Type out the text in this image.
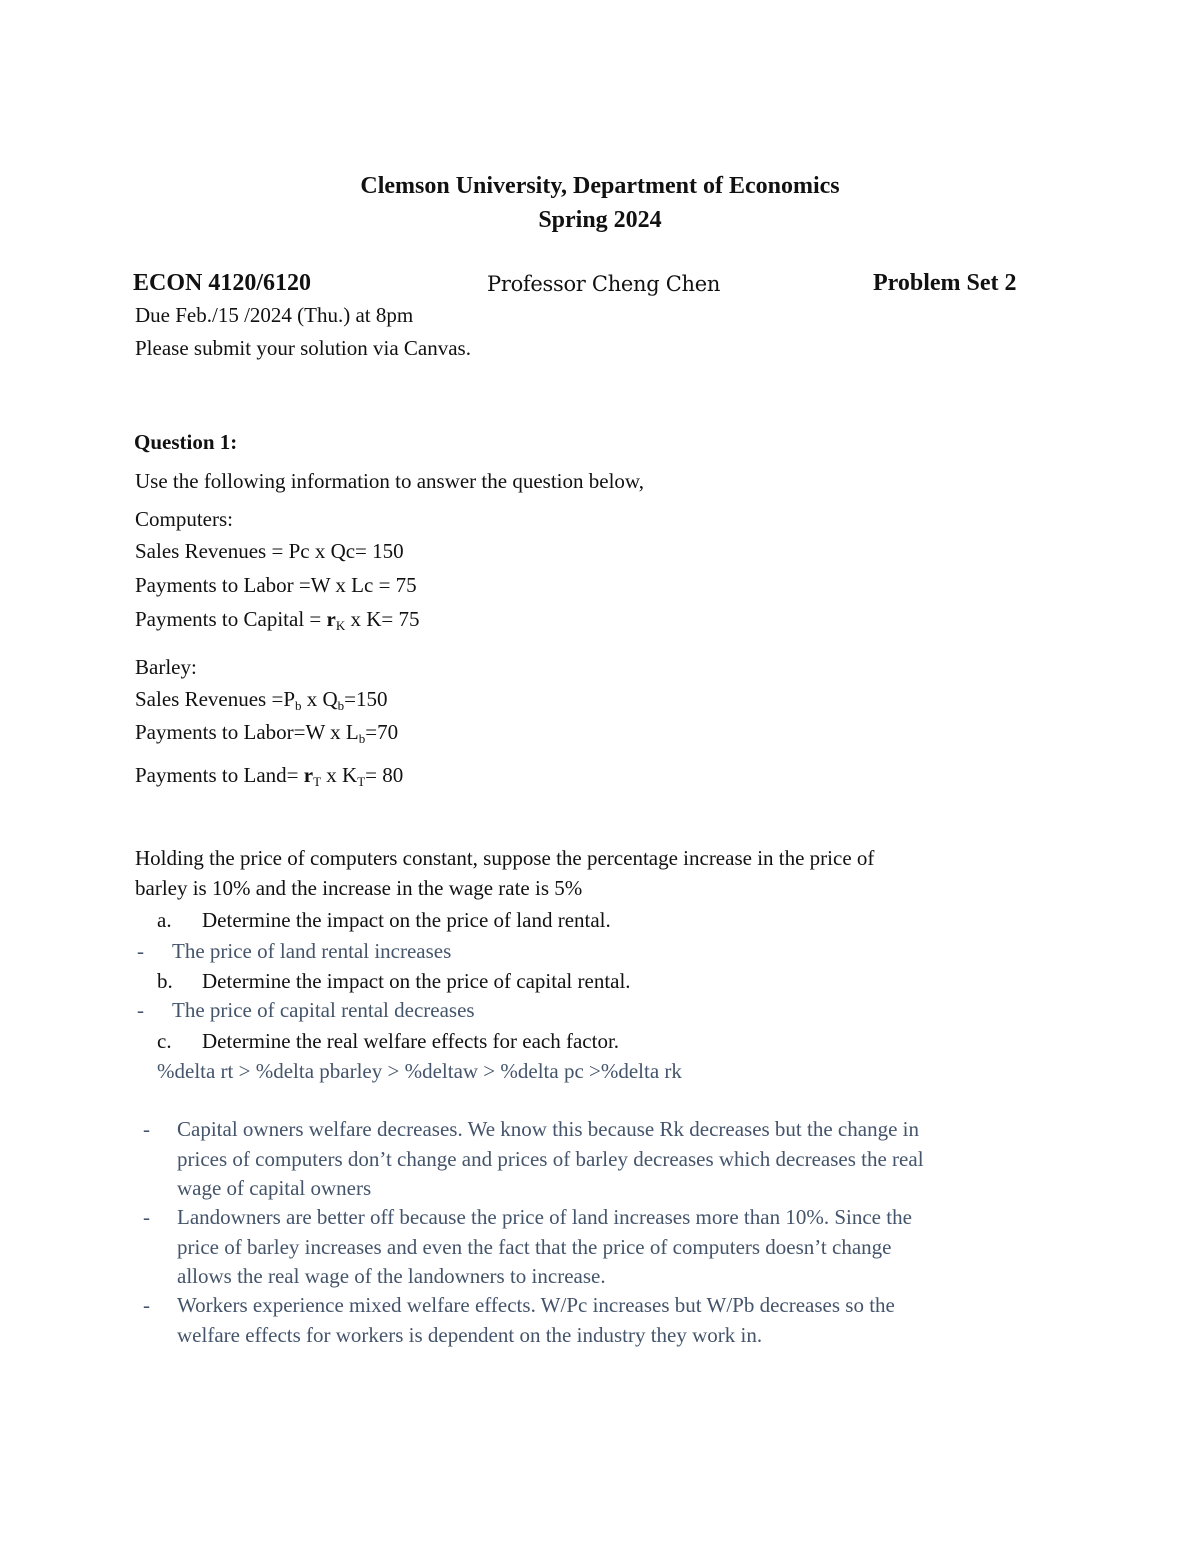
Clemson University, Department of Economics
Spring 2024
ECON 4120/6120	Professor Cheng Chen	Problem Set 2
Due Feb./15 /2024 (Thu.) at 8pm
Please submit your solution via Canvas.
Question 1:
Use the following information to answer the question below,
Computers:
Sales Revenues = Pc x Qc= 150
Payments to Labor =W x Lc = 75
Payments to Capital = rK x K= 75
Barley:
Sales Revenues =Pb x Qb=150
Payments to Labor=W x Lb=70
Payments to Land= rT x KT= 80
Holding the price of computers constant, suppose the percentage increase in the price of
barley is 10% and the increase in the wage rate is 5%
a. Determine the impact on the price of land rental.
- The price of land rental increases
b. Determine the impact on the price of capital rental.
- The price of capital rental decreases
c. Determine the real welfare effects for each factor.
%delta rt > %delta pbarley > %deltaw > %delta pc >%delta rk
- Capital owners welfare decreases. We know this because Rk decreases but the change in
prices of computers don’t change and prices of barley decreases which decreases the real
wage of capital owners
- Landowners are better off because the price of land increases more than 10%. Since the
price of barley increases and even the fact that the price of computers doesn’t change
allows the real wage of the landowners to increase.
- Workers experience mixed welfare effects. W/Pc increases but W/Pb decreases so the
welfare effects for workers is dependent on the industry they work in.
